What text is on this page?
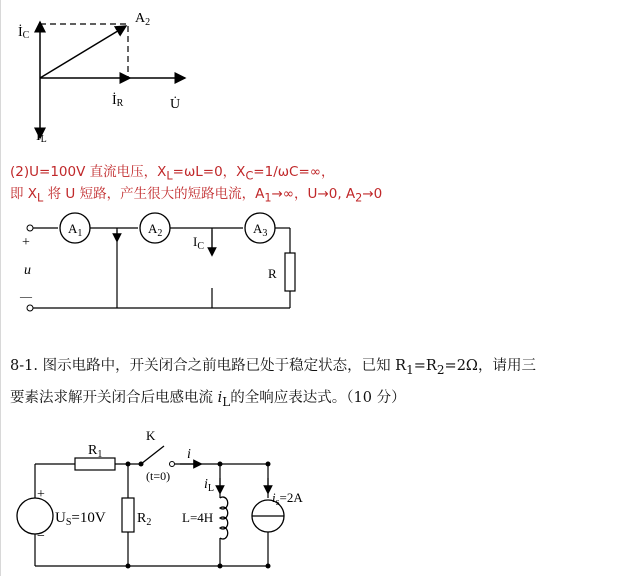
İC
$A_2$
İR	U̇
İL
(2)U=100V 直流电压，$X_L=\omega L=0$，$X_C=1/\omega C=\infty$，
即 $X_L$ 将 U 短路，产生很大的短路电流，$A_1\to\infty$，U→0, $A_2\to 0$
+
u
—
$A_1$	$A_2$	$A_3$
$I_C$
R
8-1. 图示电路中，开关闭合之前电路已处于稳定状态，已知 $R_1=R_2=2\Omega$，请用三
要素法求解开关闭合后电感电流 $i_L$的全响应表达式。（10 分）
$R_1$
$R_2$
K
(t=0)
i
$i_L$
L=4H
$i_s=2A$
+
−
$U_S=10V$
